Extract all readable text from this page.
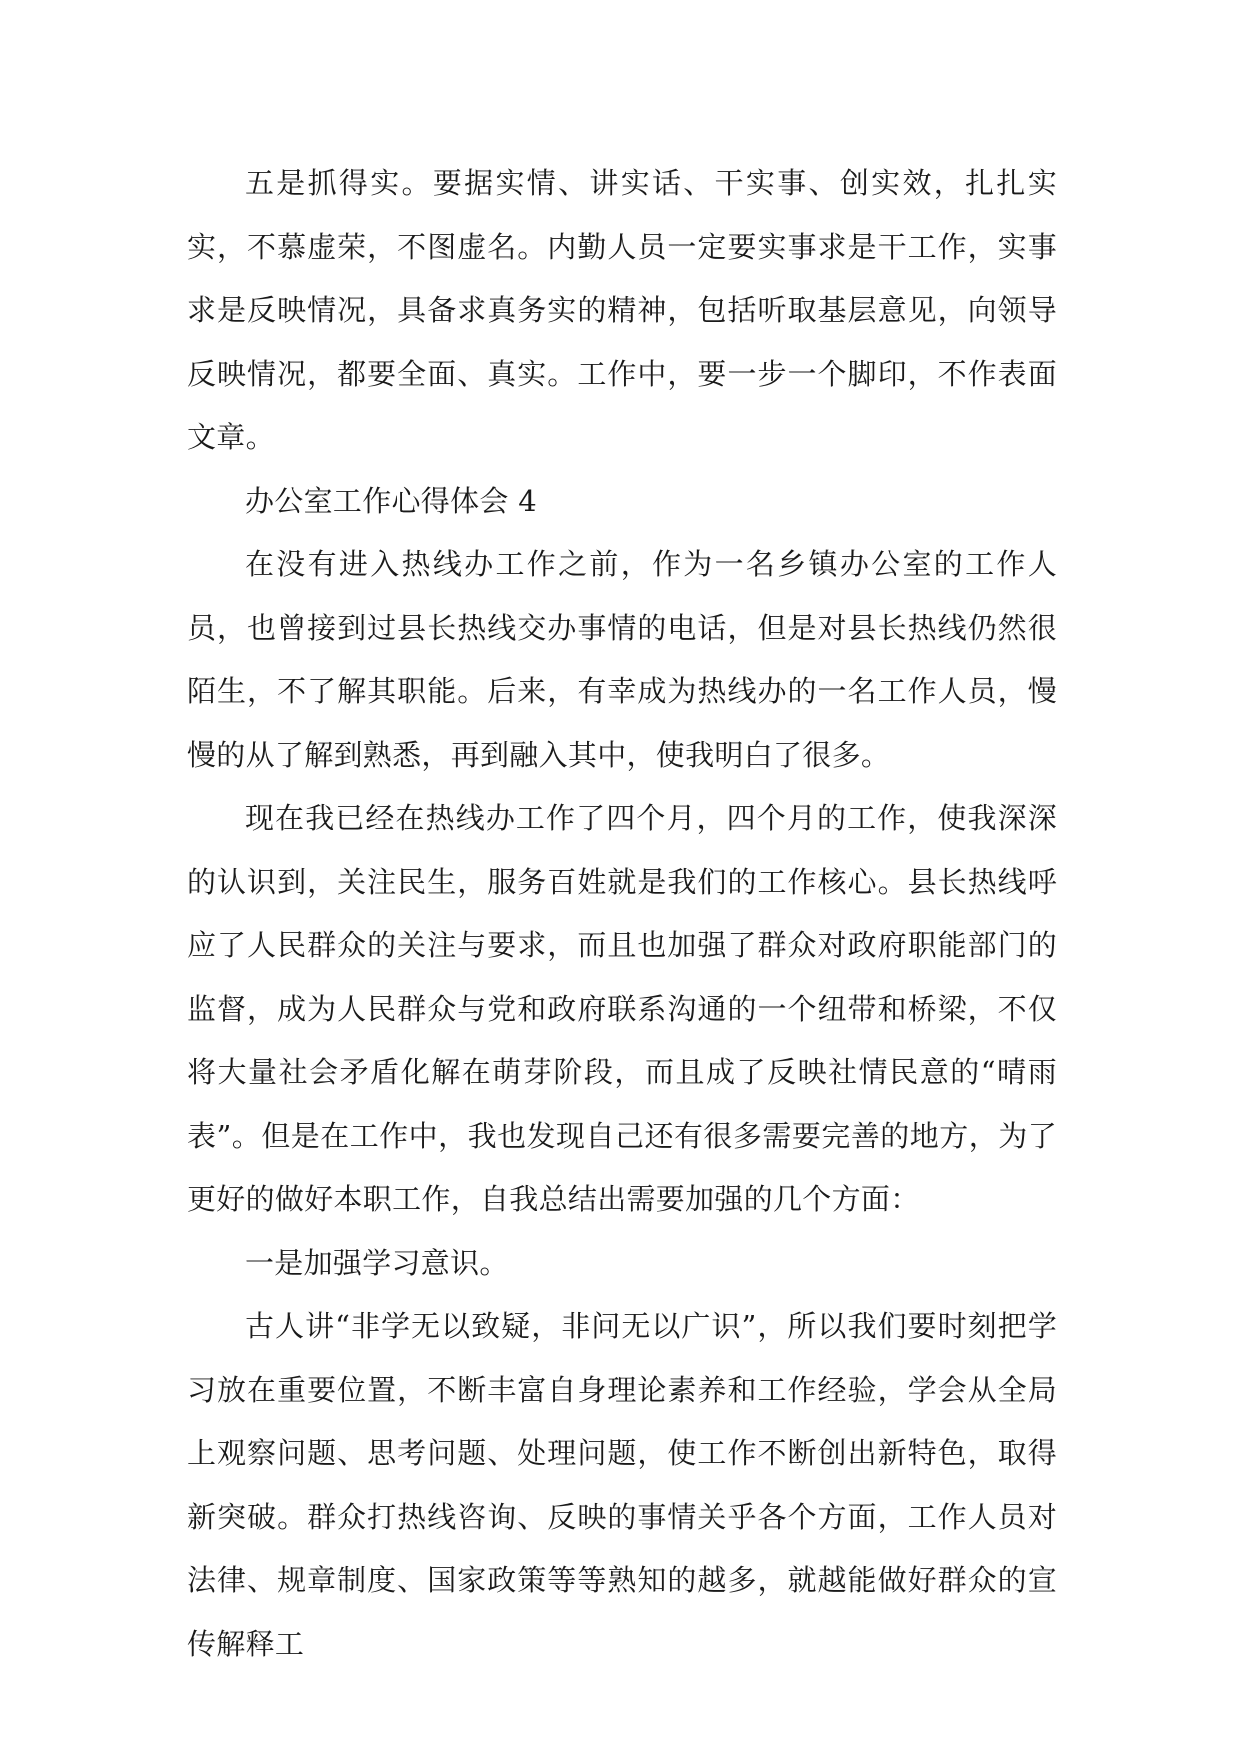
五是抓得实。要据实情、讲实话、干实事、创实效，扎扎实实，不慕虚荣，不图虚名。内勤人员一定要实事求是干工作，实事求是反映情况，具备求真务实的精神，包括听取基层意见，向领导反映情况，都要全面、真实。工作中，要一步一个脚印，不作表面文章。

办公室工作心得体会 4

在没有进入热线办工作之前，作为一名乡镇办公室的工作人员，也曾接到过县长热线交办事情的电话，但是对县长热线仍然很陌生，不了解其职能。后来，有幸成为热线办的一名工作人员，慢慢的从了解到熟悉，再到融入其中，使我明白了很多。

现在我已经在热线办工作了四个月，四个月的工作，使我深深的认识到，关注民生，服务百姓就是我们的工作核心。县长热线呼应了人民群众的关注与要求，而且也加强了群众对政府职能部门的监督，成为人民群众与党和政府联系沟通的一个纽带和桥梁，不仅将大量社会矛盾化解在萌芽阶段，而且成了反映社情民意的“晴雨表”。但是在工作中，我也发现自己还有很多需要完善的地方，为了更好的做好本职工作，自我总结出需要加强的几个方面：

一是加强学习意识。

古人讲“非学无以致疑，非问无以广识”，所以我们要时刻把学习放在重要位置，不断丰富自身理论素养和工作经验，学会从全局上观察问题、思考问题、处理问题，使工作不断创出新特色，取得新突破。群众打热线咨询、反映的事情关乎各个方面，工作人员对法律、规章制度、国家政策等等熟知的越多，就越能做好群众的宣传解释工
